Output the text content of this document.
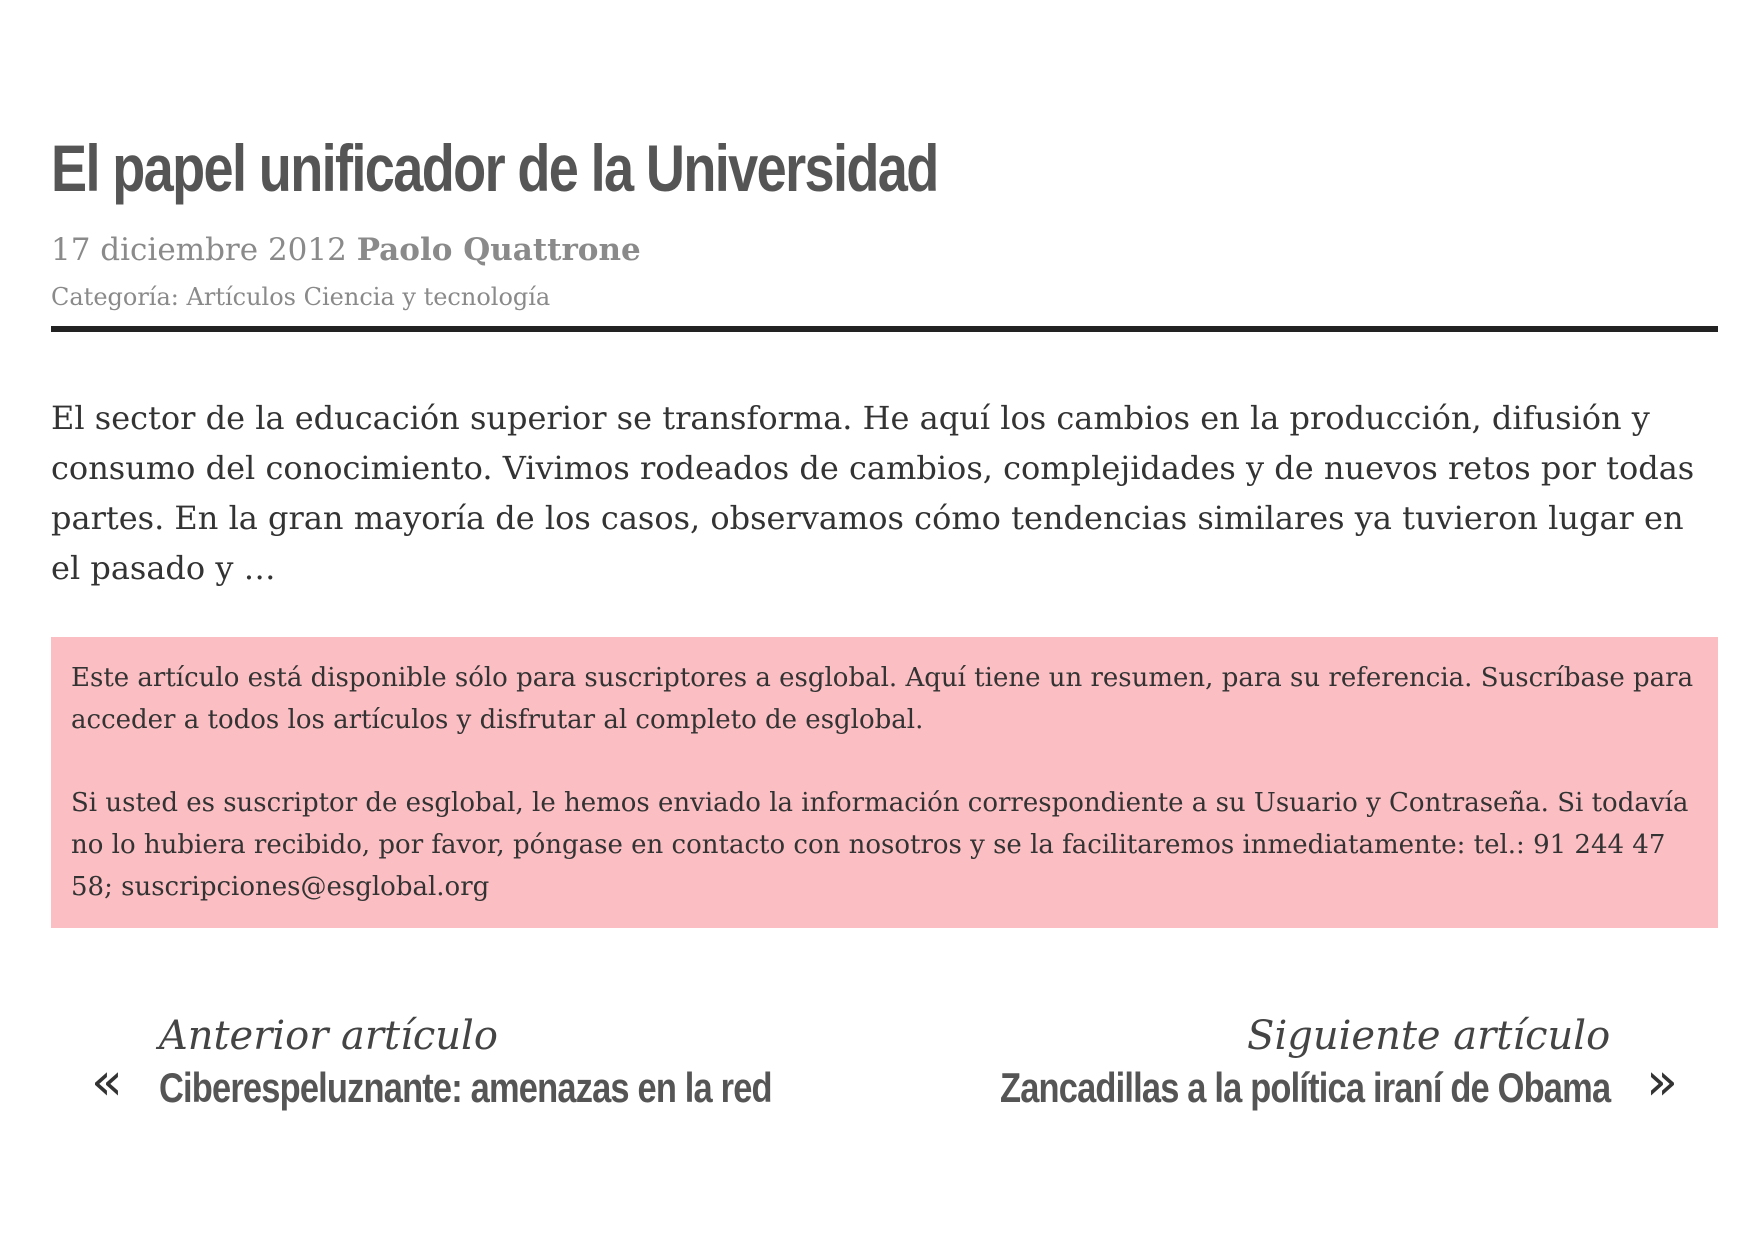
El papel unificador de la Universidad
17 diciembre 2012 Paolo Quattrone
Categoría: Artículos Ciencia y tecnología

El sector de la educación superior se transforma. He aquí los cambios en la producción, difusión y consumo del conocimiento. Vivimos rodeados de cambios, complejidades y de nuevos retos por todas partes. En la gran mayoría de los casos, observamos cómo tendencias similares ya tuvieron lugar en el pasado y …

Este artículo está disponible sólo para suscriptores a esglobal. Aquí tiene un resumen, para su referencia. Suscríbase para acceder a todos los artículos y disfrutar al completo de esglobal.

Si usted es suscriptor de esglobal, le hemos enviado la información correspondiente a su Usuario y Contraseña. Si todavía no lo hubiera recibido, por favor, póngase en contacto con nosotros y se la facilitaremos inmediatamente: tel.: 91 244 47 58; suscripciones@esglobal.org

«
Anterior artículo
Ciberespeluznante: amenazas en la red
Siguiente artículo
Zancadillas a la política iraní de Obama »
